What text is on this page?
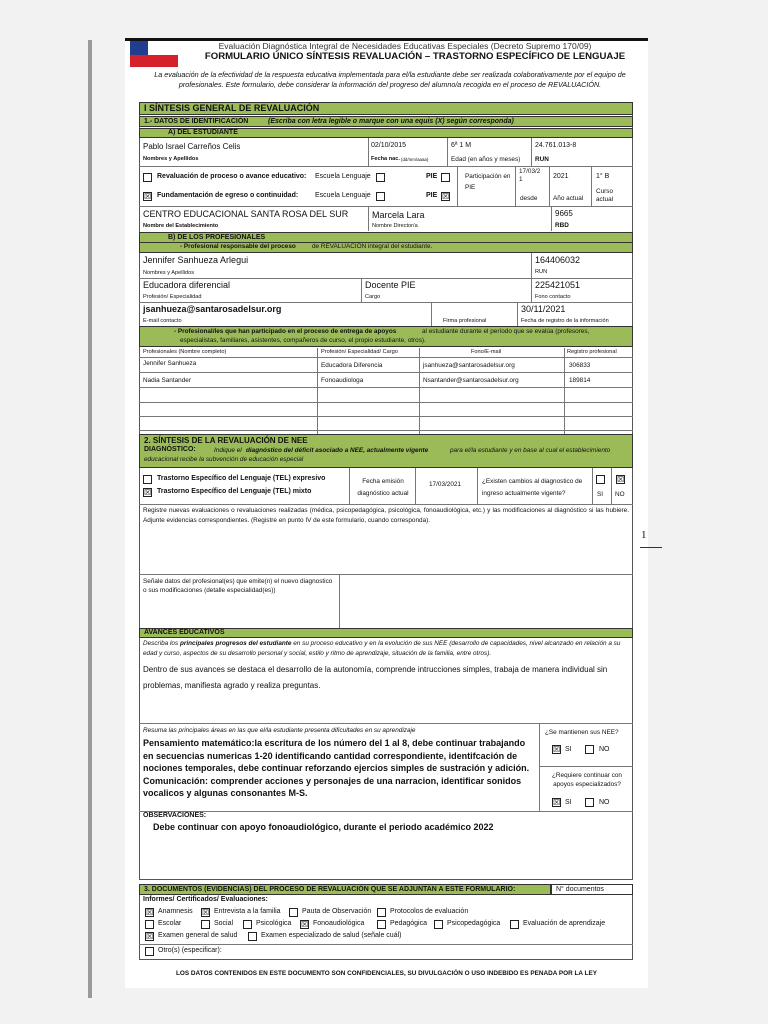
Evaluación Diagnóstica Integral de Necesidades Educativas Especiales (Decreto Supremo 170/09)
FORMULARIO ÚNICO SÍNTESIS REVALUACIÓN – TRASTORNO ESPECÍFICO DE LENGUAJE
La evaluación de la efectividad de la respuesta educativa implementada para el/la estudiante debe ser realizada colaborativamente por el equipo de
profesionales. Este formulario, debe considerar la información del progreso del alumno/a recogida en el proceso de REVALUACIÓN.
I SÍNTESIS GENERAL DE REVALUACIÓN
1.- DATOS DE IDENTIFICACIÓN	(Escriba con letra legible o marque con una equis (X) según corresponda)
A) DEL ESTUDIANTE
Pablo Israel Carreños Celis
Nombres y Apellidos
02/10/2015
Fecha nac. (dd/mm/aaaa)
6ª 1 M
Edad (en años y meses)
24.761.013-8
RUN
Revaluación de proceso o avance educativo: Escuela Lenguaje	PIE
☒ Fundamentación de egreso o continuidad: Escuela Lenguaje	PIE ☒
Participación en PIE
17/03/2 1
desde
2021
Año actual
1° B
Curso actual
CENTRO EDUCACIONAL SANTA ROSA DEL SUR
Nombre del Establecimiento
Marcela Lara
Nombre Director/a
9665
RBD
B) DE LOS PROFESIONALES
- Profesional responsable del proceso	de REVALUACIÓN integral del estudiante.
Jennifer Sanhueza Arlegui
Nombres y Apellidos
164406032
RUN
Educadora diferencial
Profesión/ Especialidad
Docente PIE
Cargo
225421051
Fono contacto
jsanhueza@santarosadelsur.org
E-mail contacto	Firma profesional
30/11/2021
Fecha de registro de la información
- Profesional/les que han participado en el proceso de entrega de apoyos	al estudiante durante el período que se evalúa (profesores,
especialistas, familiares, asistentes, compañeros de curso, el propio estudiante, otros).
Profesionales (Nombre completo)	Profesión/ Especialidad/ Cargo	Fono/E-mail	Registro profesional
Jennifer Sanhueza	Educadora Diferencia	jsanhueza@santarosadelsur.org	306833
Nadia Santander	Fonoaudiologa	Nsantander@santarosadelsur.org	189814
2. SÍNTESIS DE LA REVALUACIÓN DE NEE
DIAGNÓSTICO:	Indique el diagnóstico del déficit asociado a NEE, actualmente vigente	para el/la estudiante y en base al cual el establecimiento
educacional recibe la subvención de educación especial
Trastorno Específico del Lenguaje (TEL) expresivo
☒ Trastorno Específico del Lenguaje (TEL) mixto
Fecha emisión diagnóstico actual
17/03/2021	¿Existen cambios al diagnostico de ingreso actualmente vigente?	SI
☒
NO
Registre nuevas evaluaciones o revaluaciones realizadas (médica, psicopedagógica, psicológica, fonoaudiológica, etc.) y las modificaciones al diagnóstico si las hubiere. Adjunte evidencias correspondientes. (Registre en punto IV de este formulario, cuando corresponda).
Señale datos del profesional(es) que emite(n) el nuevo diagnostico o sus modificaciones (detalle especialidad(es))
AVANCES EDUCATIVOS
Describa los principales progresos del estudiante en su proceso educativo y en la evolución de sus NEE (desarrollo de capacidades, nivel alcanzado en relación a su edad y curso, aspectos de su desarrollo personal y social, estilo y ritmo de aprendizaje, situación de la familia, entre otros).
Dentro de sus avances se destaca el desarrollo de la autonomía, comprende intrucciones simples, trabaja de manera individual sin problemas, manifiesta agrado y realiza preguntas.
Resuma las principales áreas en las que el/la estudiante presenta dificultades en su aprendizaje
Pensamiento matemático:la escritura de los número del 1 al 8, debe continuar trabajando en secuencias numericas 1-20 identificando cantidad correspondiente, identifcación de nociones temporales, debe continuar reforzando ejercios simples de sustración y adición. Comunicación: comprender acciones y personajes de una narracion, identificar sonidos vocalicos y algunas consonantes M-S.
¿Se mantienen sus NEE?
☒ SI	NO
¿Requiere continuar con apoyos especializados?
☒ SI	NO
OBSERVACIONES:
Debe continuar con apoyo fonoaudiológico, durante el periodo académico 2022
3. DOCUMENTOS (EVIDENCIAS) DEL PROCESO DE REVALUACIÓN QUE SE ADJUNTAN A ESTE FORMULARIO:	N° documentos
Informes/ Certificados/ Evaluaciones:
☒ Anamnesis ☒ Entrevista a la familia	Pauta de Observación	Protocolos de evaluación
Escolar	Social	Psicológica ☒ Fonoaudiológica	Pedagógica	Psicopedagógica	Evaluación de aprendizaje
☒ Examen general de salud	Examen especializado de salud (señale cuál)
Otro(s) (especificar):
LOS DATOS CONTENIDOS EN ESTE DOCUMENTO SON CONFIDENCIALES, SU DIVULGACIÓN O USO INDEBIDO ES PENADA POR LA LEY
1
